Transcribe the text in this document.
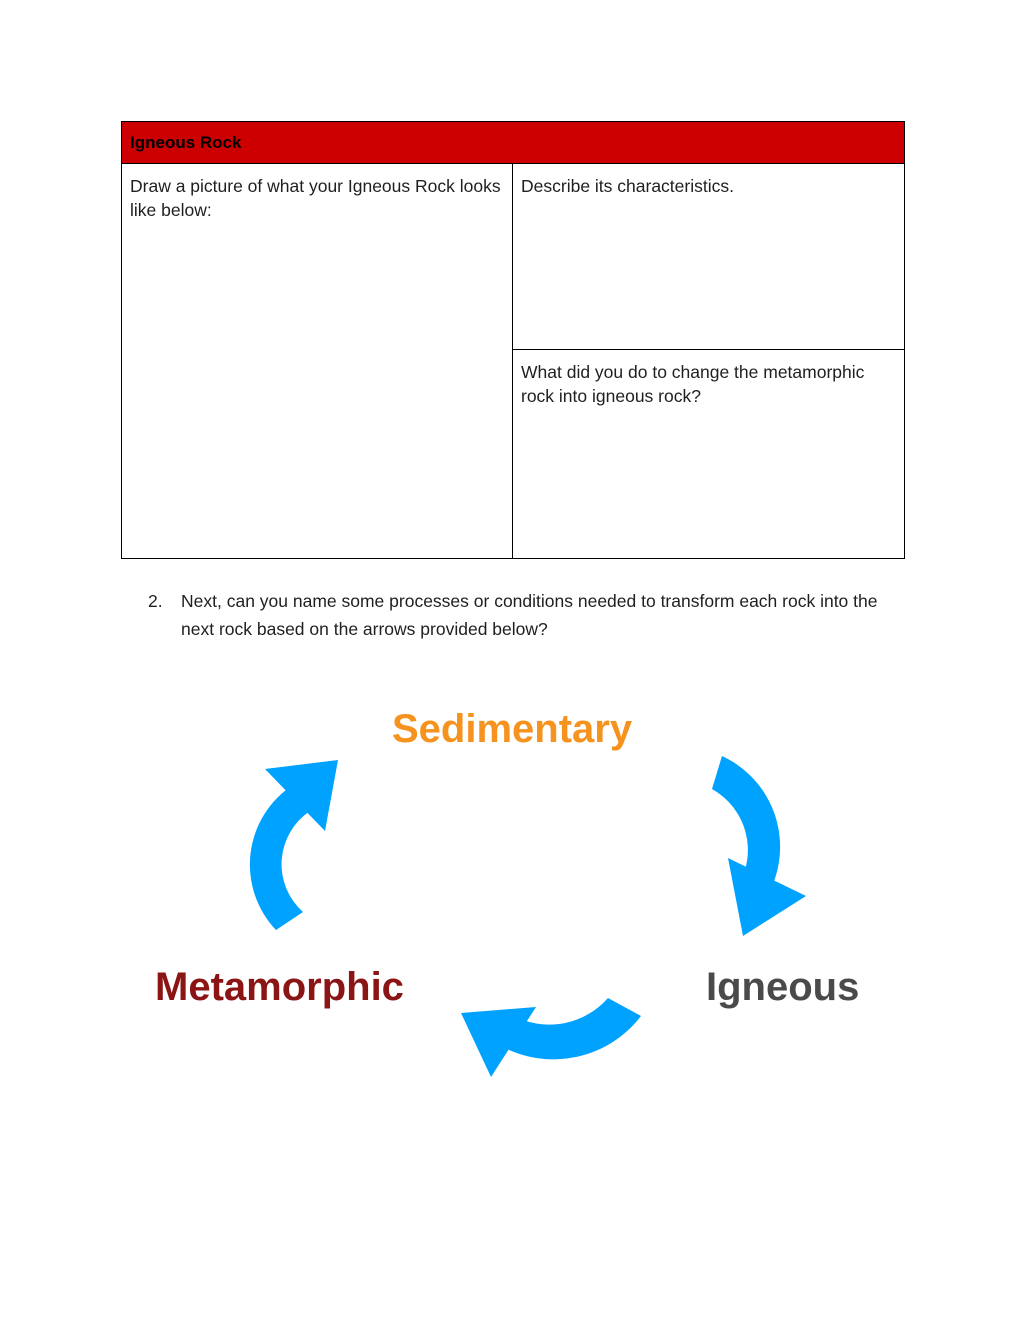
Igneous Rock
Draw a picture of what your Igneous Rock looks like below:
Describe its characteristics.
What did you do to change the metamorphic rock into igneous rock?
2. Next, can you name some processes or conditions needed to transform each rock into the next rock based on the arrows provided below?
Sedimentary
Metamorphic	Igneous
